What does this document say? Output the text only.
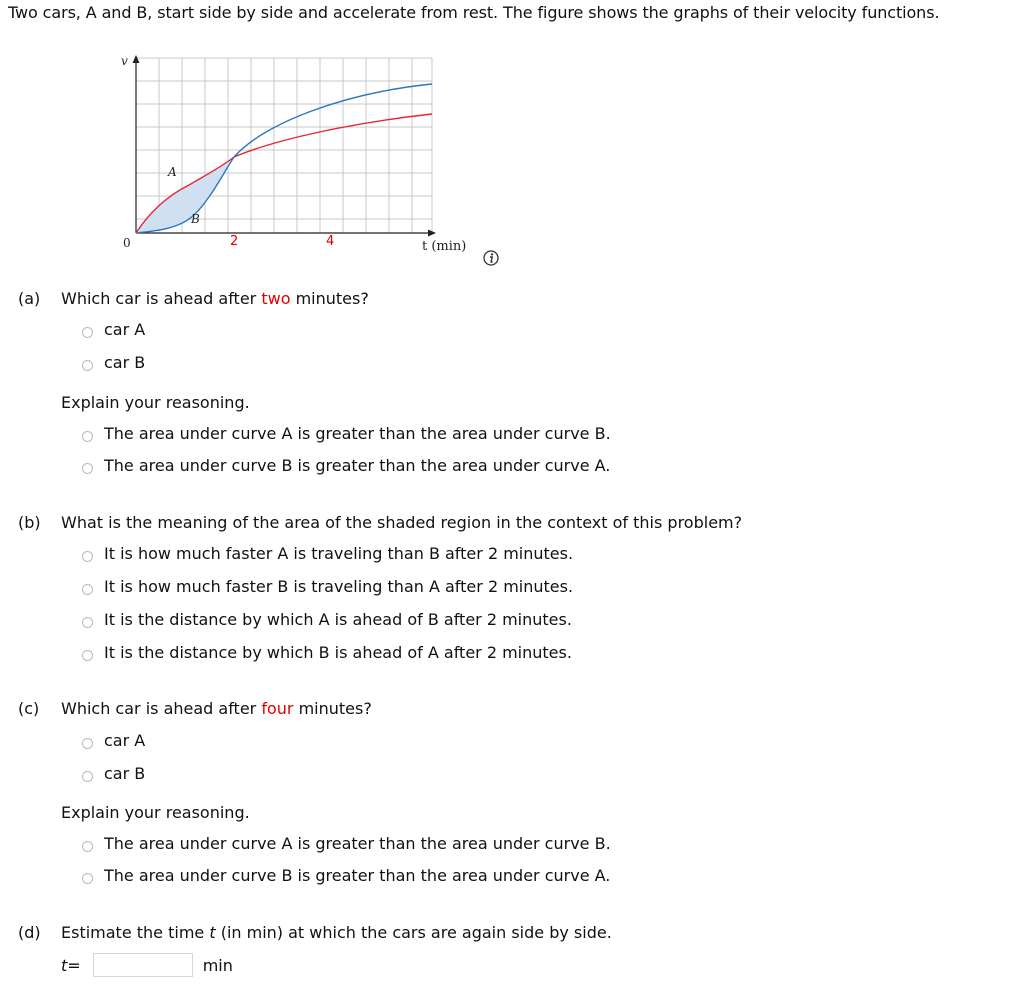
Two cars, A and B, start side by side and accelerate from rest. The figure shows the graphs of their velocity functions.
v
0	2	4	t (min)
A
B
(a) Which car is ahead after two minutes?
car A
car B
Explain your reasoning.
The area under curve A is greater than the area under curve B.
The area under curve B is greater than the area under curve A.
(b) What is the meaning of the area of the shaded region in the context of this problem?
It is how much faster A is traveling than B after 2 minutes.
It is how much faster B is traveling than A after 2 minutes.
It is the distance by which A is ahead of B after 2 minutes.
It is the distance by which B is ahead of A after 2 minutes.
(c) Which car is ahead after four minutes?
car A
car B
Explain your reasoning.
The area under curve A is greater than the area under curve B.
The area under curve B is greater than the area under curve A.
(d) Estimate the time t (in min) at which the cars are again side by side.
t =	min
